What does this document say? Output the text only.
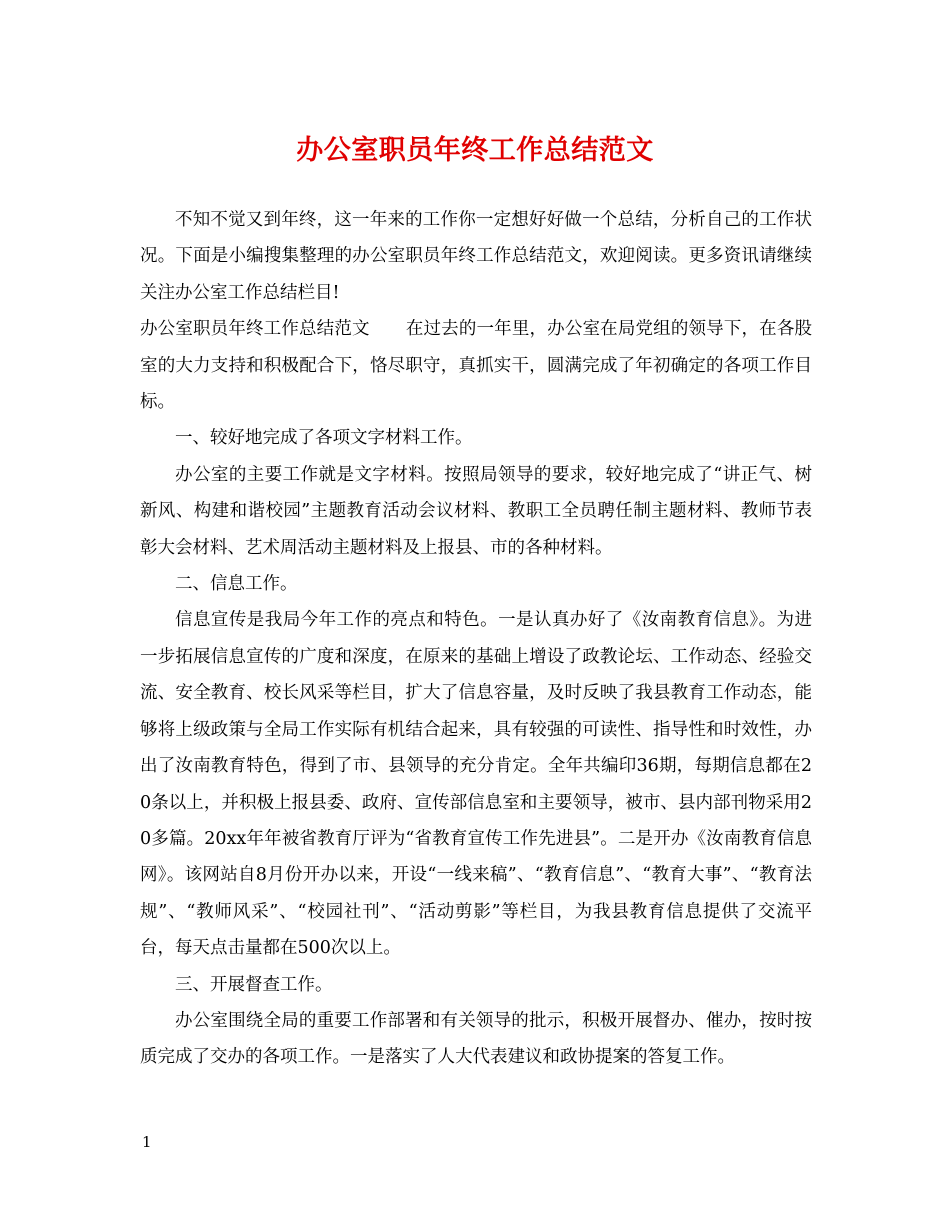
办公室职员年终工作总结范文

不知不觉又到年终，这一年来的工作你一定想好好做一个总结，分析自己的工作状况。下面是小编搜集整理的办公室职员年终工作总结范文，欢迎阅读。更多资讯请继续关注办公室工作总结栏目!

办公室职员年终工作总结范文 在过去的一年里，办公室在局党组的领导下，在各股室的大力支持和积极配合下，恪尽职守，真抓实干，圆满完成了年初确定的各项工作目标。

一、较好地完成了各项文字材料工作。

办公室的主要工作就是文字材料。按照局领导的要求，较好地完成了“讲正气、树新风、构建和谐校园”主题教育活动会议材料、教职工全员聘任制主题材料、教师节表彰大会材料、艺术周活动主题材料及上报县、市的各种材料。

二、信息工作。

信息宣传是我局今年工作的亮点和特色。一是认真办好了《汝南教育信息》。为进一步拓展信息宣传的广度和深度，在原来的基础上增设了政教论坛、工作动态、经验交流、安全教育、校长风采等栏目，扩大了信息容量，及时反映了我县教育工作动态，能够将上级政策与全局工作实际有机结合起来，具有较强的可读性、指导性和时效性，办出了汝南教育特色，得到了市、县领导的充分肯定。全年共编印36期，每期信息都在20条以上，并积极上报县委、政府、宣传部信息室和主要领导，被市、县内部刊物采用20多篇。20xx年年被省教育厅评为“省教育宣传工作先进县”。二是开办《汝南教育信息网》。该网站自8月份开办以来，开设“一线来稿”、“教育信息”、“教育大事”、“教育法规”、“教师风采”、“校园社刊”、“活动剪影”等栏目，为我县教育信息提供了交流平台，每天点击量都在500次以上。

三、开展督查工作。

办公室围绕全局的重要工作部署和有关领导的批示，积极开展督办、催办，按时按质完成了交办的各项工作。一是落实了人大代表建议和政协提案的答复工作。

1
